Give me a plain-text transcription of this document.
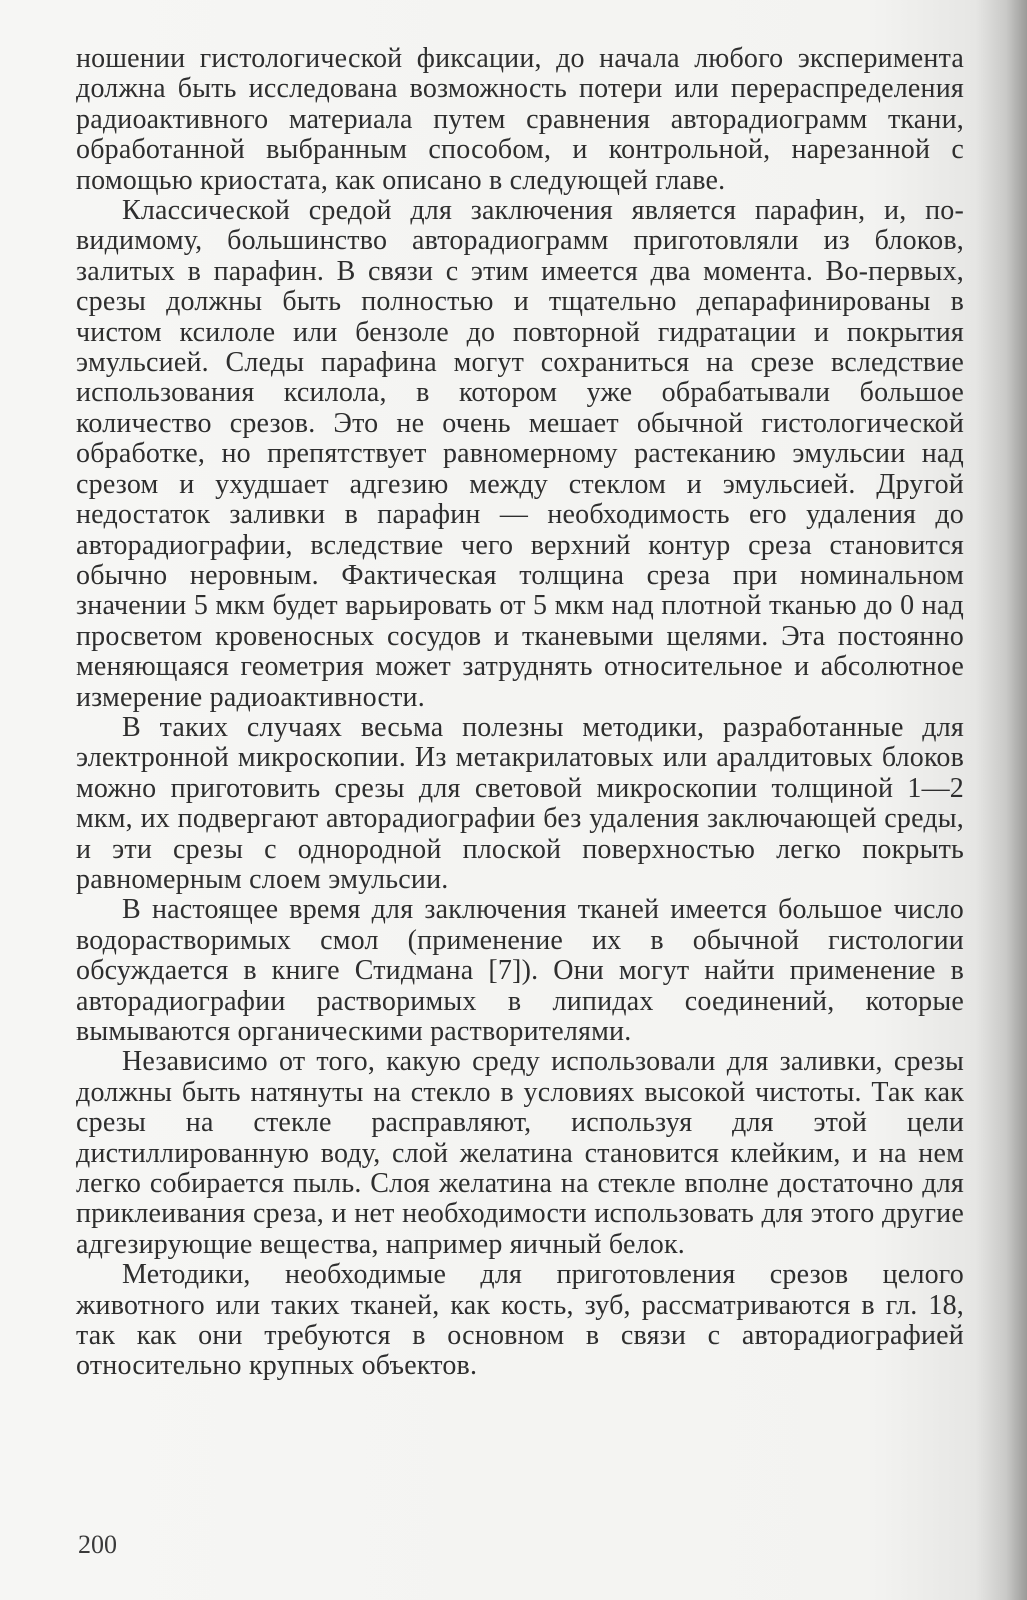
ношении гистологической фиксации, до начала любого эксперимента должна быть исследована возможность потери или перераспределения радиоактивного материала путем сравнения авторадиограмм ткани, обработанной выбранным способом, и контрольной, нарезанной с помощью криостата, как описано в следующей главе.

Классической средой для заключения является парафин, и, по-видимому, большинство авторадиограмм приготовляли из блоков, залитых в парафин. В связи с этим имеется два момента. Во-первых, срезы должны быть полностью и тщательно депарафинированы в чистом ксилоле или бензоле до повторной гидратации и покрытия эмульсией. Следы парафина могут сохраниться на срезе вследствие использования ксилола, в котором уже обрабатывали большое количество срезов. Это не очень мешает обычной гистологической обработке, но препятствует равномерному растеканию эмульсии над срезом и ухудшает адгезию между стеклом и эмульсией. Другой недостаток заливки в парафин — необходимость его удаления до авторадиографии, вследствие чего верхний контур среза становится обычно неровным. Фактическая толщина среза при номинальном значении 5 мкм будет варьировать от 5 мкм над плотной тканью до 0 над просветом кровеносных сосудов и тканевыми щелями. Эта постоянно меняющаяся геометрия может затруднять относительное и абсолютное измерение радиоактивности.

В таких случаях весьма полезны методики, разработанные для электронной микроскопии. Из метакрилатовых или аралдитовых блоков можно приготовить срезы для световой микроскопии толщиной 1—2 мкм, их подвергают авторадиографии без удаления заключающей среды, и эти срезы с однородной плоской поверхностью легко покрыть равномерным слоем эмульсии.

В настоящее время для заключения тканей имеется большое число водорастворимых смол (применение их в обычной гистологии обсуждается в книге Стидмана [7]). Они могут найти применение в авторадиографии растворимых в липидах соединений, которые вымываются органическими растворителями.

Независимо от того, какую среду использовали для заливки, срезы должны быть натянуты на стекло в условиях высокой чистоты. Так как срезы на стекле расправляют, используя для этой цели дистиллированную воду, слой желатина становится клейким, и на нем легко собирается пыль. Слоя желатина на стекле вполне достаточно для приклеивания среза, и нет необходимости использовать для этого другие адгезирующие вещества, например яичный белок.

Методики, необходимые для приготовления срезов целого животного или таких тканей, как кость, зуб, рассматриваются в гл. 18, так как они требуются в основном в связи с авторадиографией относительно крупных объектов.

200
